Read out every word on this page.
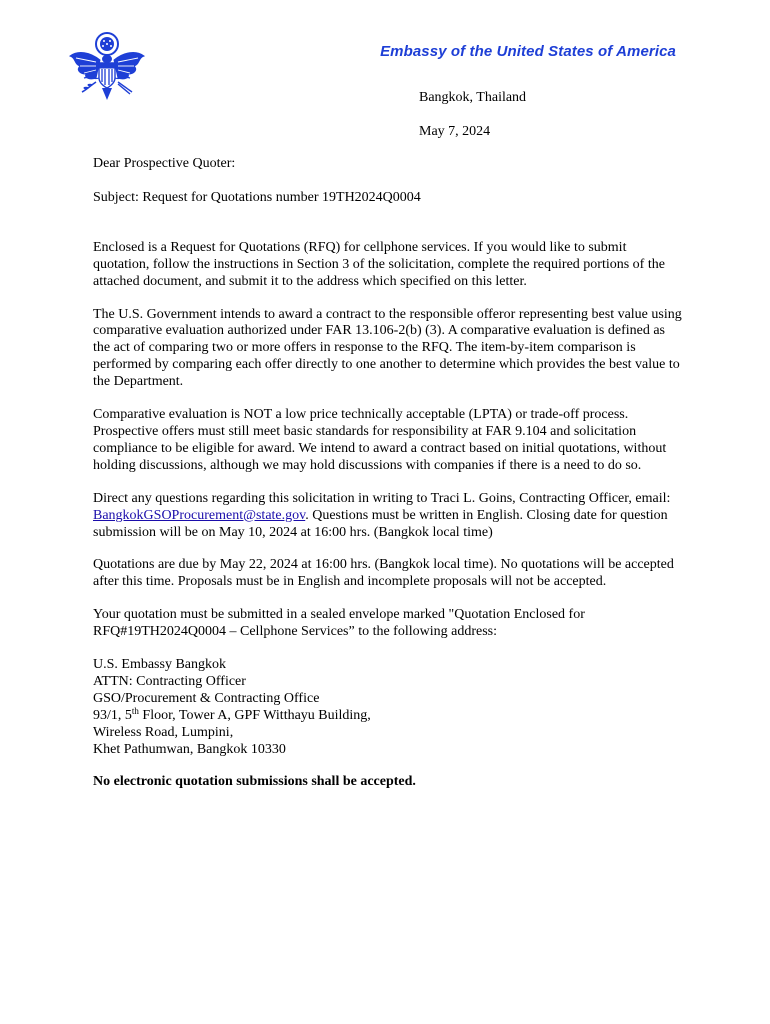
Embassy of the United States of America
Bangkok, Thailand
May 7, 2024

Dear Prospective Quoter:

Subject: Request for Quotations number 19TH2024Q0004

Enclosed is a Request for Quotations (RFQ) for cellphone services. If you would like to submit quotation, follow the instructions in Section 3 of the solicitation, complete the required portions of the attached document, and submit it to the address which specified on this letter.

The U.S. Government intends to award a contract to the responsible offeror representing best value using comparative evaluation authorized under FAR 13.106-2(b) (3). A comparative evaluation is defined as the act of comparing two or more offers in response to the RFQ. The item-by-item comparison is performed by comparing each offer directly to one another to determine which provides the best value to the Department.

Comparative evaluation is NOT a low price technically acceptable (LPTA) or trade-off process. Prospective offers must still meet basic standards for responsibility at FAR 9.104 and solicitation compliance to be eligible for award. We intend to award a contract based on initial quotations, without holding discussions, although we may hold discussions with companies if there is a need to do so.

Direct any questions regarding this solicitation in writing to Traci L. Goins, Contracting Officer, email: BangkokGSOProcurement@state.gov. Questions must be written in English. Closing date for question submission will be on May 10, 2024 at 16:00 hrs. (Bangkok local time)

Quotations are due by May 22, 2024 at 16:00 hrs. (Bangkok local time). No quotations will be accepted after this time. Proposals must be in English and incomplete proposals will not be accepted.

Your quotation must be submitted in a sealed envelope marked "Quotation Enclosed for RFQ#19TH2024Q0004 – Cellphone Services” to the following address:

U.S. Embassy Bangkok
ATTN: Contracting Officer
GSO/Procurement & Contracting Office
93/1, 5th Floor, Tower A, GPF Witthayu Building,
Wireless Road, Lumpini,
Khet Pathumwan, Bangkok 10330

No electronic quotation submissions shall be accepted.
